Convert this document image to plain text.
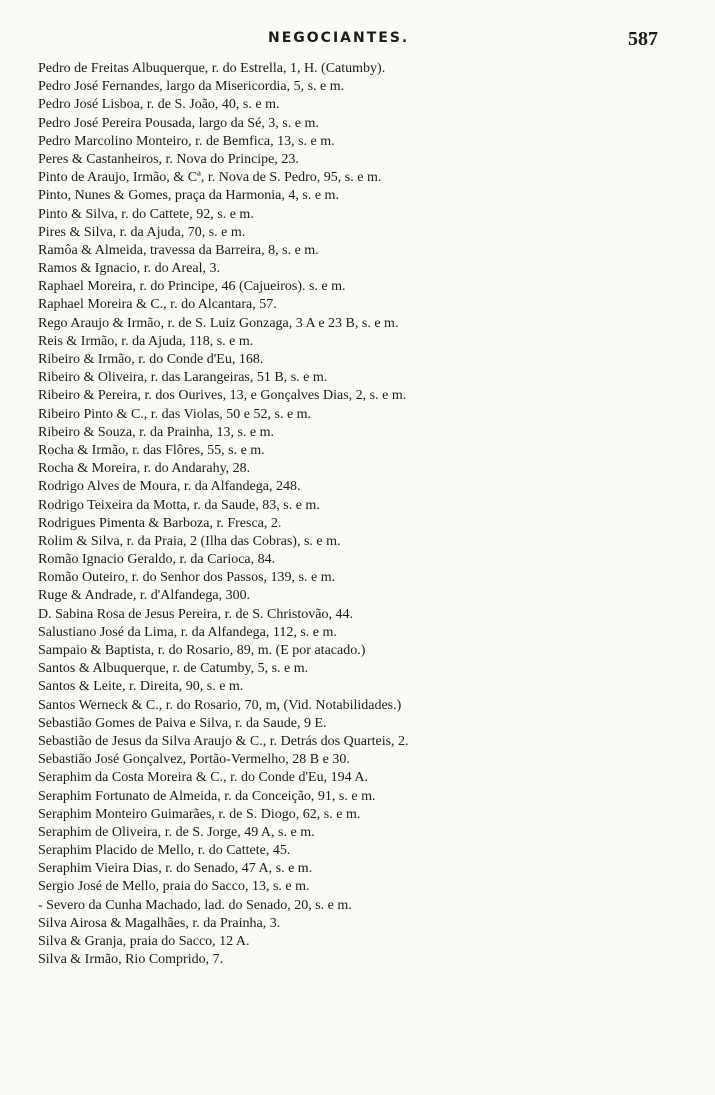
NEGOCIANTES.	587
Pedro de Freitas Albuquerque, r. do Estrella, 1, H. (Catumby).
Pedro José Fernandes, largo da Misericordia, 5, s. e m.
Pedro José Lisboa, r. de S. João, 40, s. e m.
Pedro José Pereira Pousada, largo da Sé, 3, s. e m.
Pedro Marcolino Monteiro, r. de Bemfica, 13, s. e m.
Peres & Castanheiros, r. Nova do Principe, 23.
Pinto de Araujo, Irmão, & Cª, r. Nova de S. Pedro, 95, s. e m.
Pinto, Nunes & Gomes, praça da Harmonia, 4, s. e m.
Pinto & Silva, r. do Cattete, 92, s. e m.
Pires & Silva, r. da Ajuda, 70, s. e m.
Ramôa & Almeida, travessa da Barreira, 8, s. e m.
Ramos & Ignacio, r. do Areal, 3.
Raphael Moreira, r. do Principe, 46 (Cajueiros). s. e m.
Raphael Moreira & C., r. do Alcantara, 57.
Rego Araujo & Irmão, r. de S. Luiz Gonzaga, 3 A e 23 B, s. e m.
Reis & Irmão, r. da Ajuda, 118, s. e m.
Ribeiro & Irmão, r. do Conde d'Eu, 168.
Ribeiro & Oliveira, r. das Larangeiras, 51 B, s. e m.
Ribeiro & Pereira, r. dos Ourives, 13, e Gonçalves Dias, 2, s. e m.
Ribeiro Pinto & C., r. das Violas, 50 e 52, s. e m.
Ribeiro & Souza, r. da Prainha, 13, s. e m.
Rocha & Irmão, r. das Flôres, 55, s. e m.
Rocha & Moreira, r. do Andarahy, 28.
Rodrigo Alves de Moura, r. da Alfandega, 248.
Rodrigo Teixeira da Motta, r. da Saude, 83, s. e m.
Rodrigues Pimenta & Barboza, r. Fresca, 2.
Rolim & Silva, r. da Praia, 2 (Ilha das Cobras), s. e m.
Romão Ignacio Geraldo, r. da Carioca, 84.
Romão Outeiro, r. do Senhor dos Passos, 139, s. e m.
Ruge & Andrade, r. d'Alfandega, 300.
D. Sabina Rosa de Jesus Pereira, r. de S. Christovão, 44.
Salustiano José da Lima, r. da Alfandega, 112, s. e m.
Sampaio & Baptista, r. do Rosario, 89, m. (E por atacado.)
Santos & Albuquerque, r. de Catumby, 5, s. e m.
Santos & Leite, r. Direita, 90, s. e m.
Santos Werneck & C., r. do Rosario, 70, m, (Vid. Notabilidades.)
Sebastião Gomes de Paiva e Silva, r. da Saude, 9 E.
Sebastião de Jesus da Silva Araujo & C., r. Detrás dos Quarteis, 2.
Sebastião José Gonçalvez, Portão-Vermelho, 28 B e 30.
Seraphim da Costa Moreira & C., r. do Conde d'Eu, 194 A.
Seraphim Fortunato de Almeida, r. da Conceição, 91, s. e m.
Seraphim Monteiro Guimarães, r. de S. Diogo, 62, s. e m.
Seraphim de Oliveira, r. de S. Jorge, 49 A, s. e m.
Seraphim Placido de Mello, r. do Cattete, 45.
Seraphim Vieira Dias, r. do Senado, 47 A, s. e m.
Sergio José de Mello, praia do Sacco, 13, s. e m.
- Severo da Cunha Machado, lad. do Senado, 20, s. e m.
Silva Airosa & Magalhães, r. da Prainha, 3.
Silva & Granja, praia do Sacco, 12 A.
Silva & Irmão, Rio Comprido, 7.
